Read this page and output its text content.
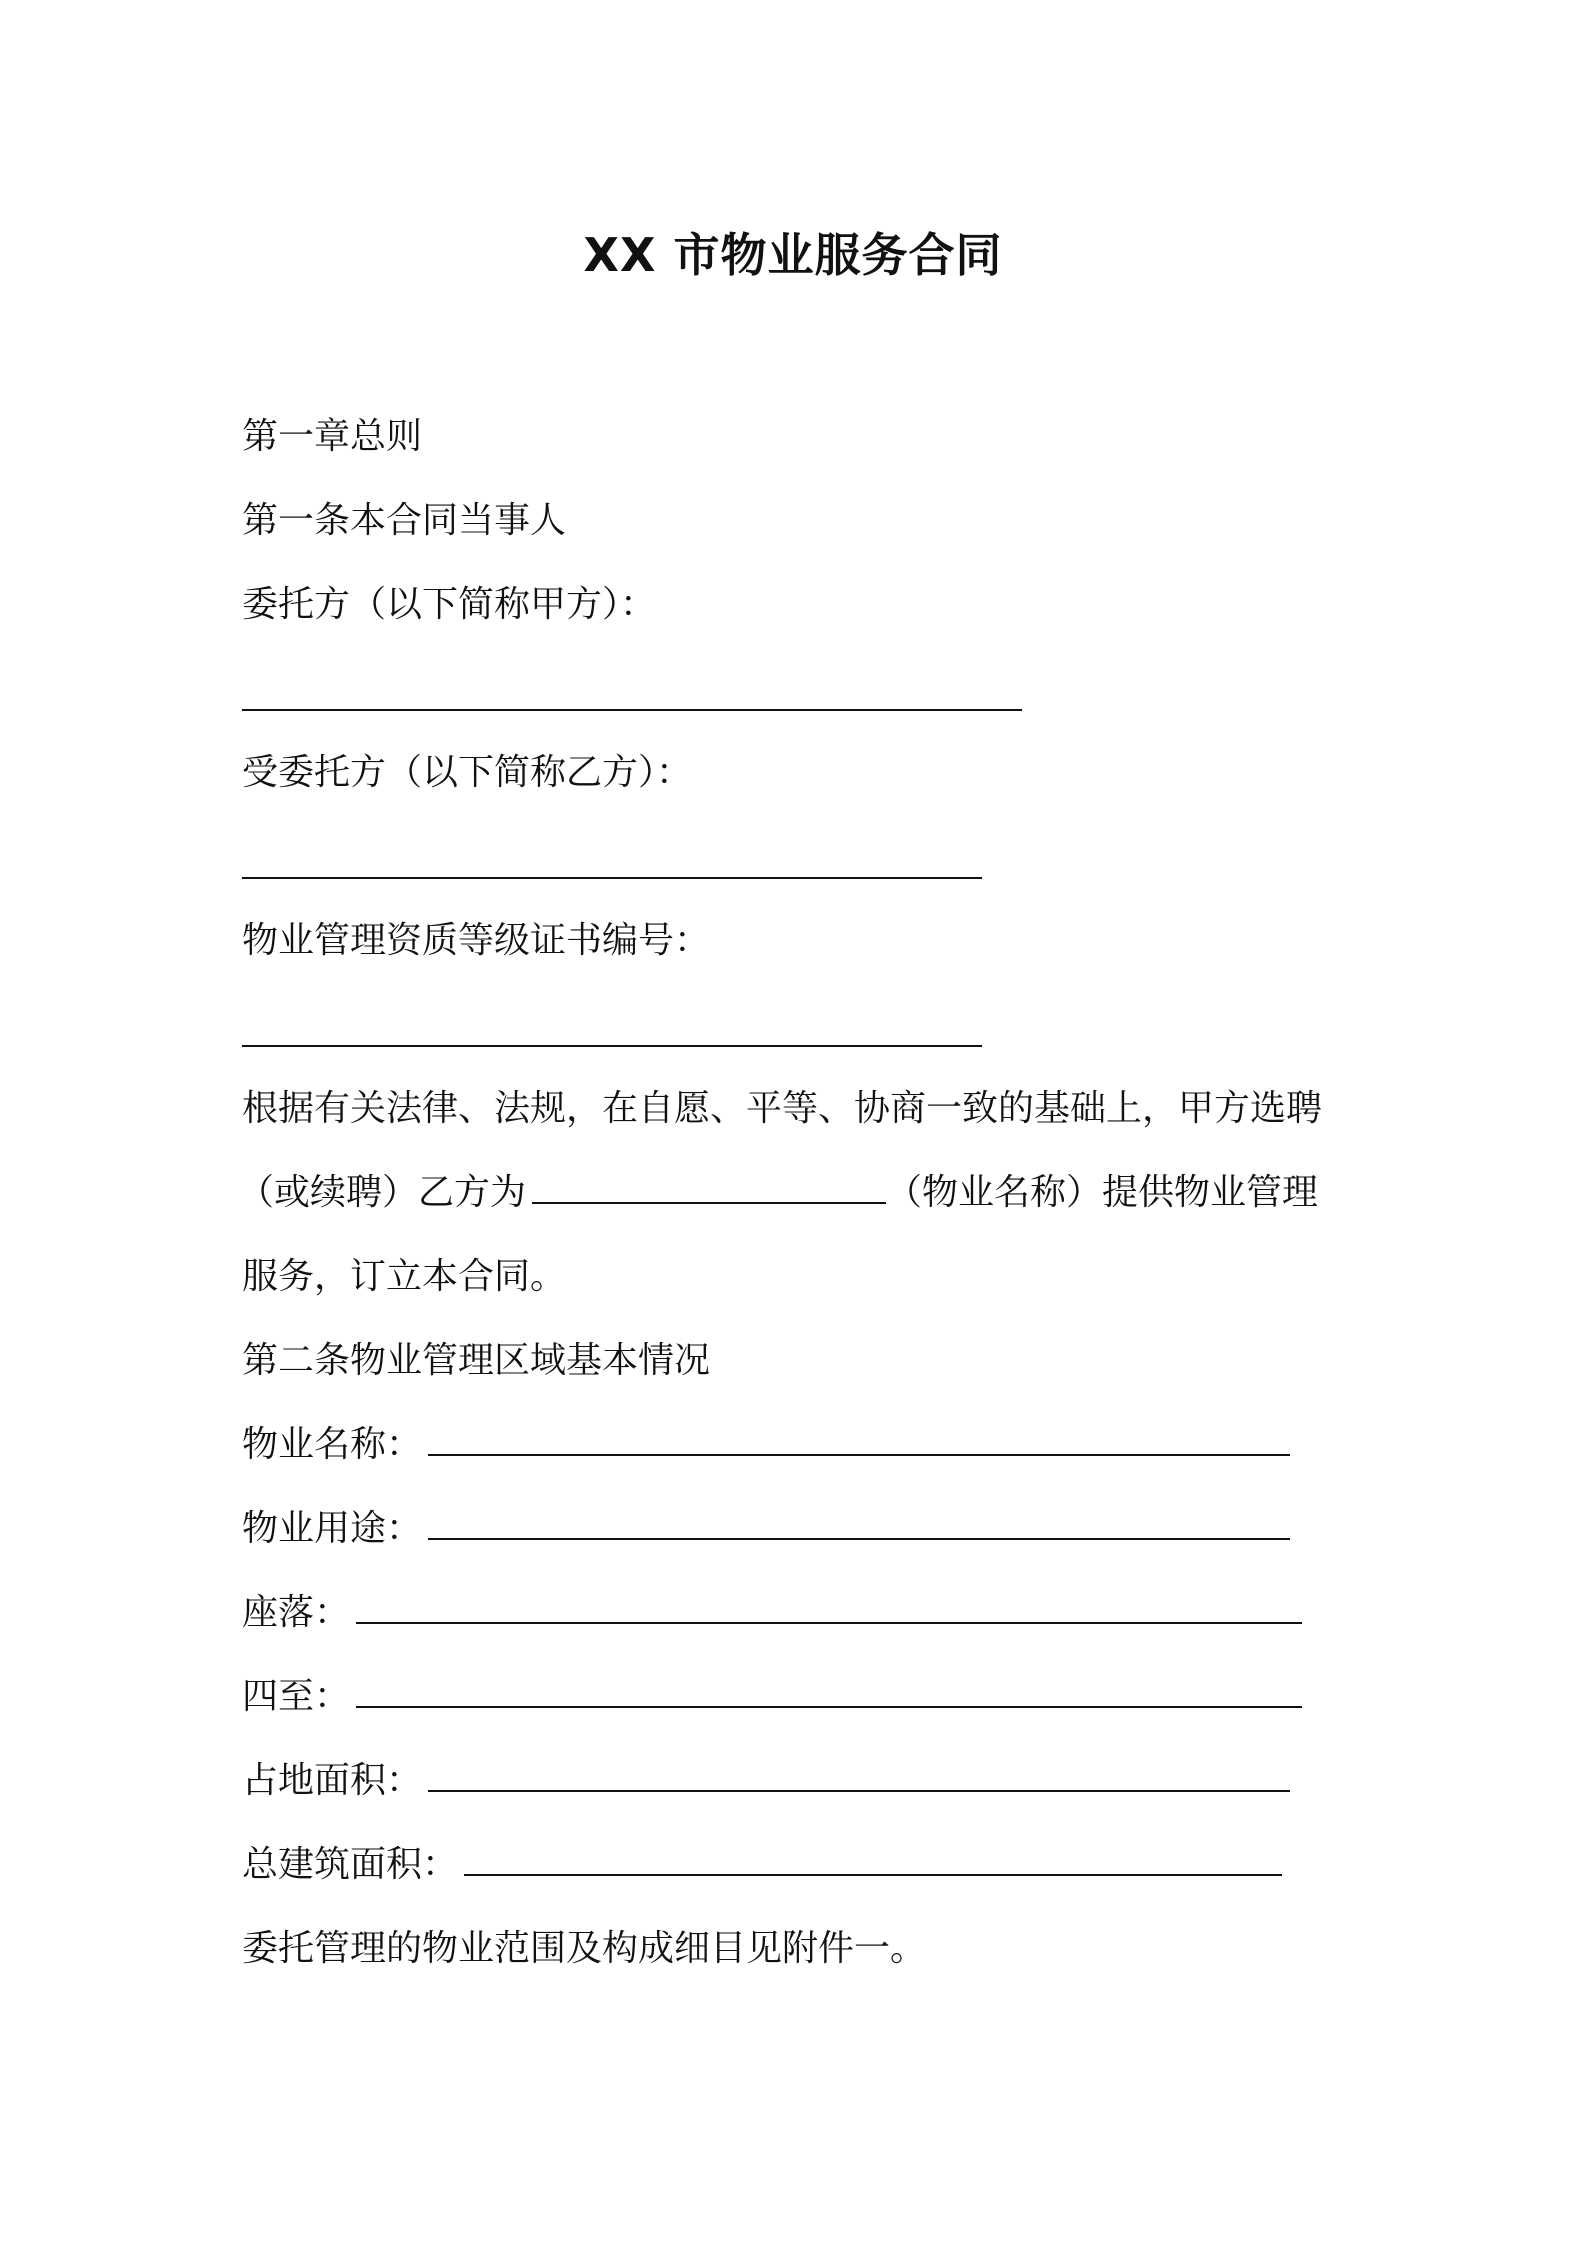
XX 市物业服务合同
第一章总则
第一条本合同当事人
委托方（以下简称甲方）：
受委托方（以下简称乙方）：
物业管理资质等级证书编号：
根据有关法律、法规，在自愿、平等、协商一致的基础上，甲方选聘
（或续聘）乙方为	（物业名称）提供物业管理
服务，订立本合同。
第二条物业管理区域基本情况
物业名称：
物业用途：
座落：
四至：
占地面积：
总建筑面积：
委托管理的物业范围及构成细目见附件一。
